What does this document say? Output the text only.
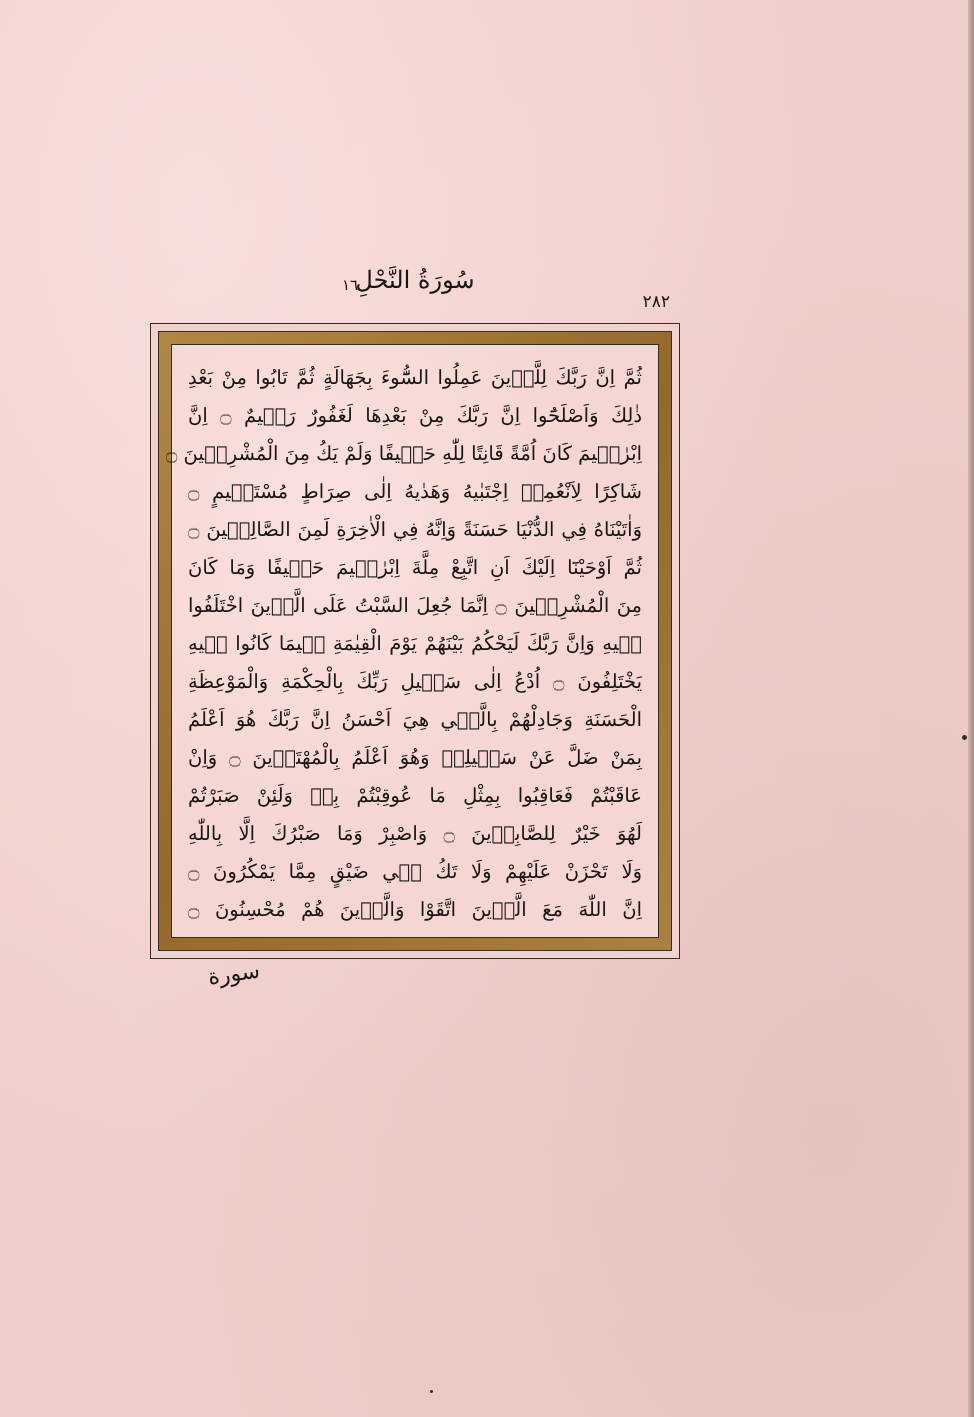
سُورَةُ النَّحْلِ
١٦
٢٨٢
ثُمَّ اِنَّ رَبَّكَ لِلَّذٖينَ عَمِلُوا السُّٓوءَ بِجَهَالَةٍ ثُمَّ تَابُوا مِنْ بَعْدِ
ذٰلِكَ وَاَصْلَحُٓوا اِنَّ رَبَّكَ مِنْ بَعْدِهَا لَغَفُورٌ رَحٖيمٌ ۝ اِنَّ
اِبْرٰهٖيمَ كَانَ اُمَّةً قَانِتًا لِلّٰهِ حَنٖيفًا وَلَمْ يَكُ مِنَ الْمُشْرِكٖينَ ۝
شَاكِرًا لِاَنْعُمِهٖ اِجْتَبٰيهُ وَهَدٰيهُ اِلٰى صِرَاطٍ مُسْتَقٖيمٍ ۝
وَاٰتَيْنَاهُ فِي الدُّنْيَا حَسَنَةً وَاِنَّهُ فِي الْاٰخِرَةِ لَمِنَ الصَّالِحٖينَ ۝
ثُمَّ اَوْحَيْنَٓا اِلَيْكَ اَنِ اتَّبِعْ مِلَّةَ اِبْرٰهٖيمَ حَنٖيفًا وَمَا كَانَ
مِنَ الْمُشْرِكٖينَ ۝ اِنَّمَا جُعِلَ السَّبْتُ عَلَى الَّذٖينَ اخْتَلَفُوا
فٖيهِ وَاِنَّ رَبَّكَ لَيَحْكُمُ بَيْنَهُمْ يَوْمَ الْقِيٰمَةِ فٖيمَا كَانُوا فٖيهِ
يَخْتَلِفُونَ ۝ اُدْعُ اِلٰى سَبٖيلِ رَبِّكَ بِالْحِكْمَةِ وَالْمَوْعِظَةِ
الْحَسَنَةِ وَجَادِلْهُمْ بِالَّتٖي هِيَ اَحْسَنُ اِنَّ رَبَّكَ هُوَ اَعْلَمُ
بِمَنْ ضَلَّ عَنْ سَبٖيلِهٖ وَهُوَ اَعْلَمُ بِالْمُهْتَدٖينَ ۝ وَاِنْ
عَاقَبْتُمْ فَعَاقِبُوا بِمِثْلِ مَا عُوقِبْتُمْ بِهٖ وَلَئِنْ صَبَرْتُمْ
لَهُوَ خَيْرٌ لِلصَّابِرٖينَ ۝ وَاصْبِرْ وَمَا صَبْرُكَ اِلَّا بِاللّٰهِ
وَلَا تَحْزَنْ عَلَيْهِمْ وَلَا تَكُ فٖي ضَيْقٍ مِمَّا يَمْكُرُونَ ۝
اِنَّ اللّٰهَ مَعَ الَّذٖينَ اتَّقَوْا وَالَّذٖينَ هُمْ مُحْسِنُونَ ۝
سورة
